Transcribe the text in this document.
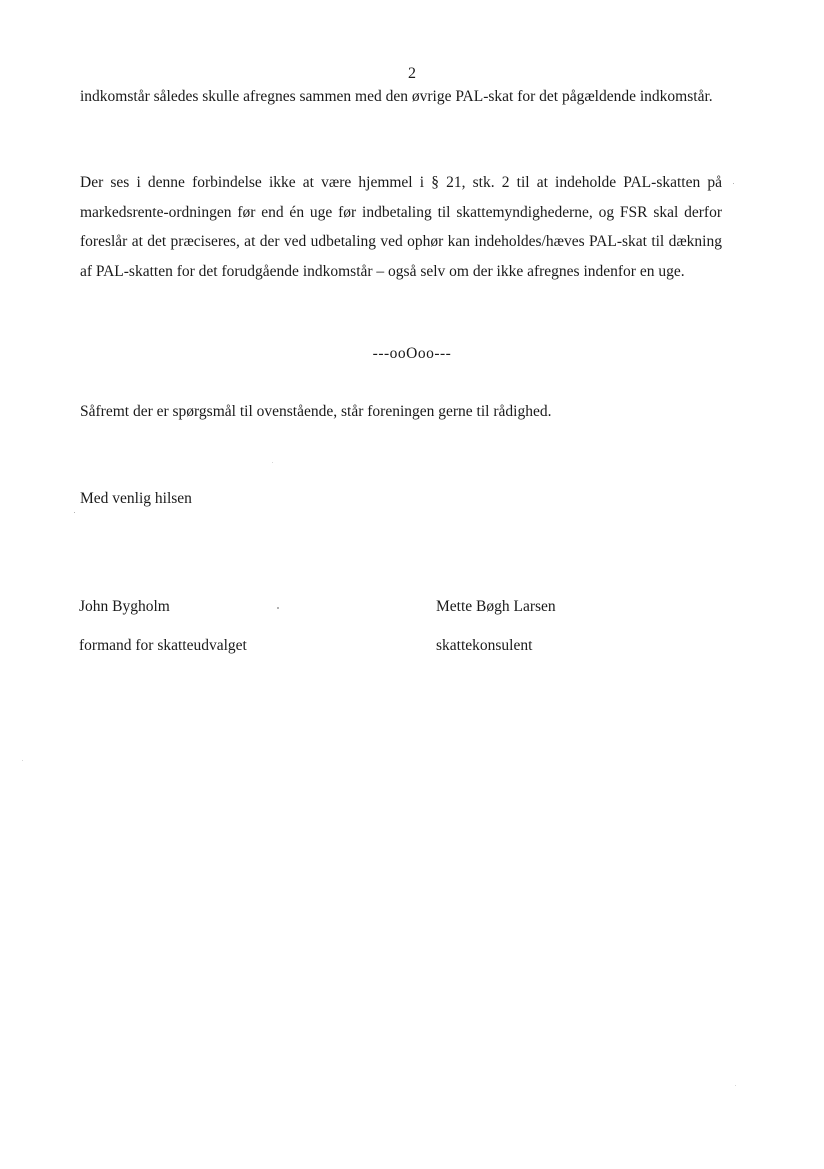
2

indkomstår således skulle afregnes sammen med den øvrige PAL-skat for det pågældende indkomstår.

Der ses i denne forbindelse ikke at være hjemmel i § 21, stk. 2 til at indeholde PAL-skatten på markedsrente-ordningen før end én uge før indbetaling til skattemyndighederne, og FSR skal derfor foreslår at det præciseres, at der ved udbetaling ved ophør kan indeholdes/hæves PAL-skat til dækning af PAL-skatten for det forudgående indkomstår – også selv om der ikke afregnes indenfor en uge.

---ooOoo---

Såfremt der er spørgsmål til ovenstående, står foreningen gerne til rådighed.

Med venlig hilsen

John Bygholm

formand for skatteudvalget

Mette Bøgh Larsen

skattekonsulent
